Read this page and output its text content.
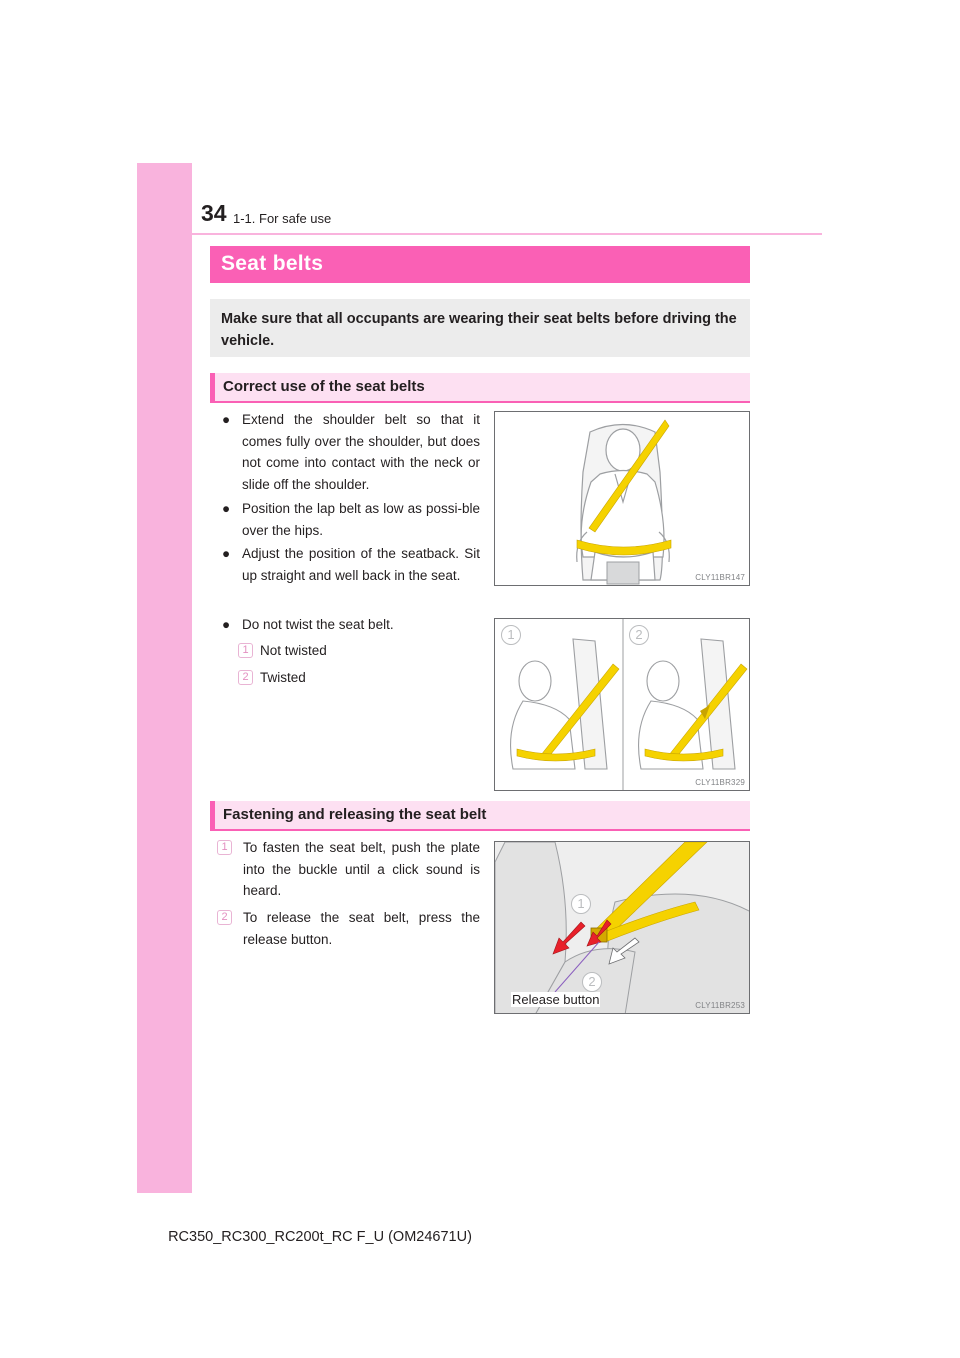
34 1-1. For safe use
Seat belts

Make sure that all occupants are wearing their seat belts before driving the vehicle.

Correct use of the seat belts
● Extend the shoulder belt so that it comes fully over the shoulder, but does not come into contact with the neck or slide off the shoulder.
● Position the lap belt as low as possi-ble over the hips.
● Adjust the position of the seatback. Sit up straight and well back in the seat.
● Do not twist the seat belt.
1 Not twisted
2 Twisted
CLY11BR147
1	2
CLY11BR329
Fastening and releasing the seat belt
1	To fasten the seat belt, push the plate into the buckle until a click sound is heard.
2	To release the seat belt, press the release button.
1
2
CLY11BR253
Release button
RC350_RC300_RC200t_RC F_U (OM24671U)
